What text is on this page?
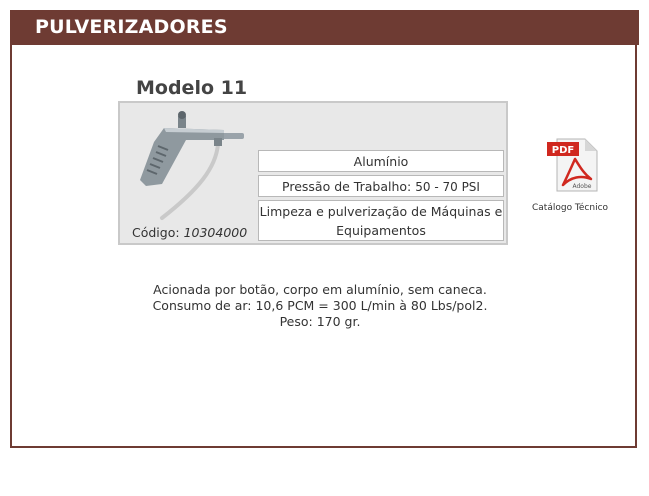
PULVERIZADORES
Modelo 11
Código: 10304000
Alumínio
Pressão de Trabalho: 50 - 70 PSI
Limpeza e pulverização de Máquinas e
Equipamentos
PDF
Adobe
Catálogo Técnico
Acionada por botão, corpo em alumínio, sem caneca.
Consumo de ar: 10,6 PCM = 300 L/min à 80 Lbs/pol2.
Peso: 170 gr.
